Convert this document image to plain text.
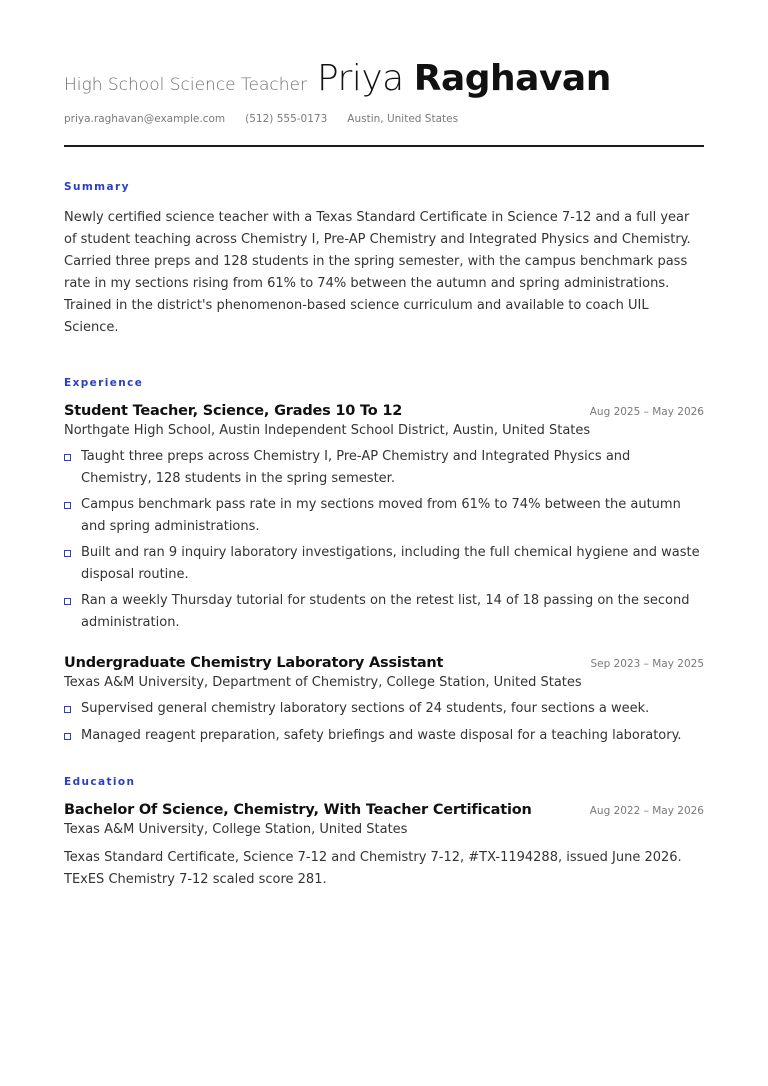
High School Science Teacher Priya Raghavan
priya.raghavan@example.com (512) 555-0173 Austin, United States
Summary
Newly certified science teacher with a Texas Standard Certificate in Science 7-12 and a full year of student teaching across Chemistry I, Pre-AP Chemistry and Integrated Physics and Chemistry. Carried three preps and 128 students in the spring semester, with the campus benchmark pass rate in my sections rising from 61% to 74% between the autumn and spring administrations. Trained in the district's phenomenon-based science curriculum and available to coach UIL Science.
Experience
Student Teacher, Science, Grades 10 To 12	Aug 2025 – May 2026
Northgate High School, Austin Independent School District, Austin, United States
Taught three preps across Chemistry I, Pre-AP Chemistry and Integrated Physics and Chemistry, 128 students in the spring semester.
Campus benchmark pass rate in my sections moved from 61% to 74% between the autumn and spring administrations.
Built and ran 9 inquiry laboratory investigations, including the full chemical hygiene and waste disposal routine.
Ran a weekly Thursday tutorial for students on the retest list, 14 of 18 passing on the second administration.
Undergraduate Chemistry Laboratory Assistant	Sep 2023 – May 2025
Texas A&M University, Department of Chemistry, College Station, United States
Supervised general chemistry laboratory sections of 24 students, four sections a week.
Managed reagent preparation, safety briefings and waste disposal for a teaching laboratory.
Education
Bachelor Of Science, Chemistry, With Teacher Certification	Aug 2022 – May 2026
Texas A&M University, College Station, United States
Texas Standard Certificate, Science 7-12 and Chemistry 7-12, #TX-1194288, issued June 2026. TExES Chemistry 7-12 scaled score 281.
